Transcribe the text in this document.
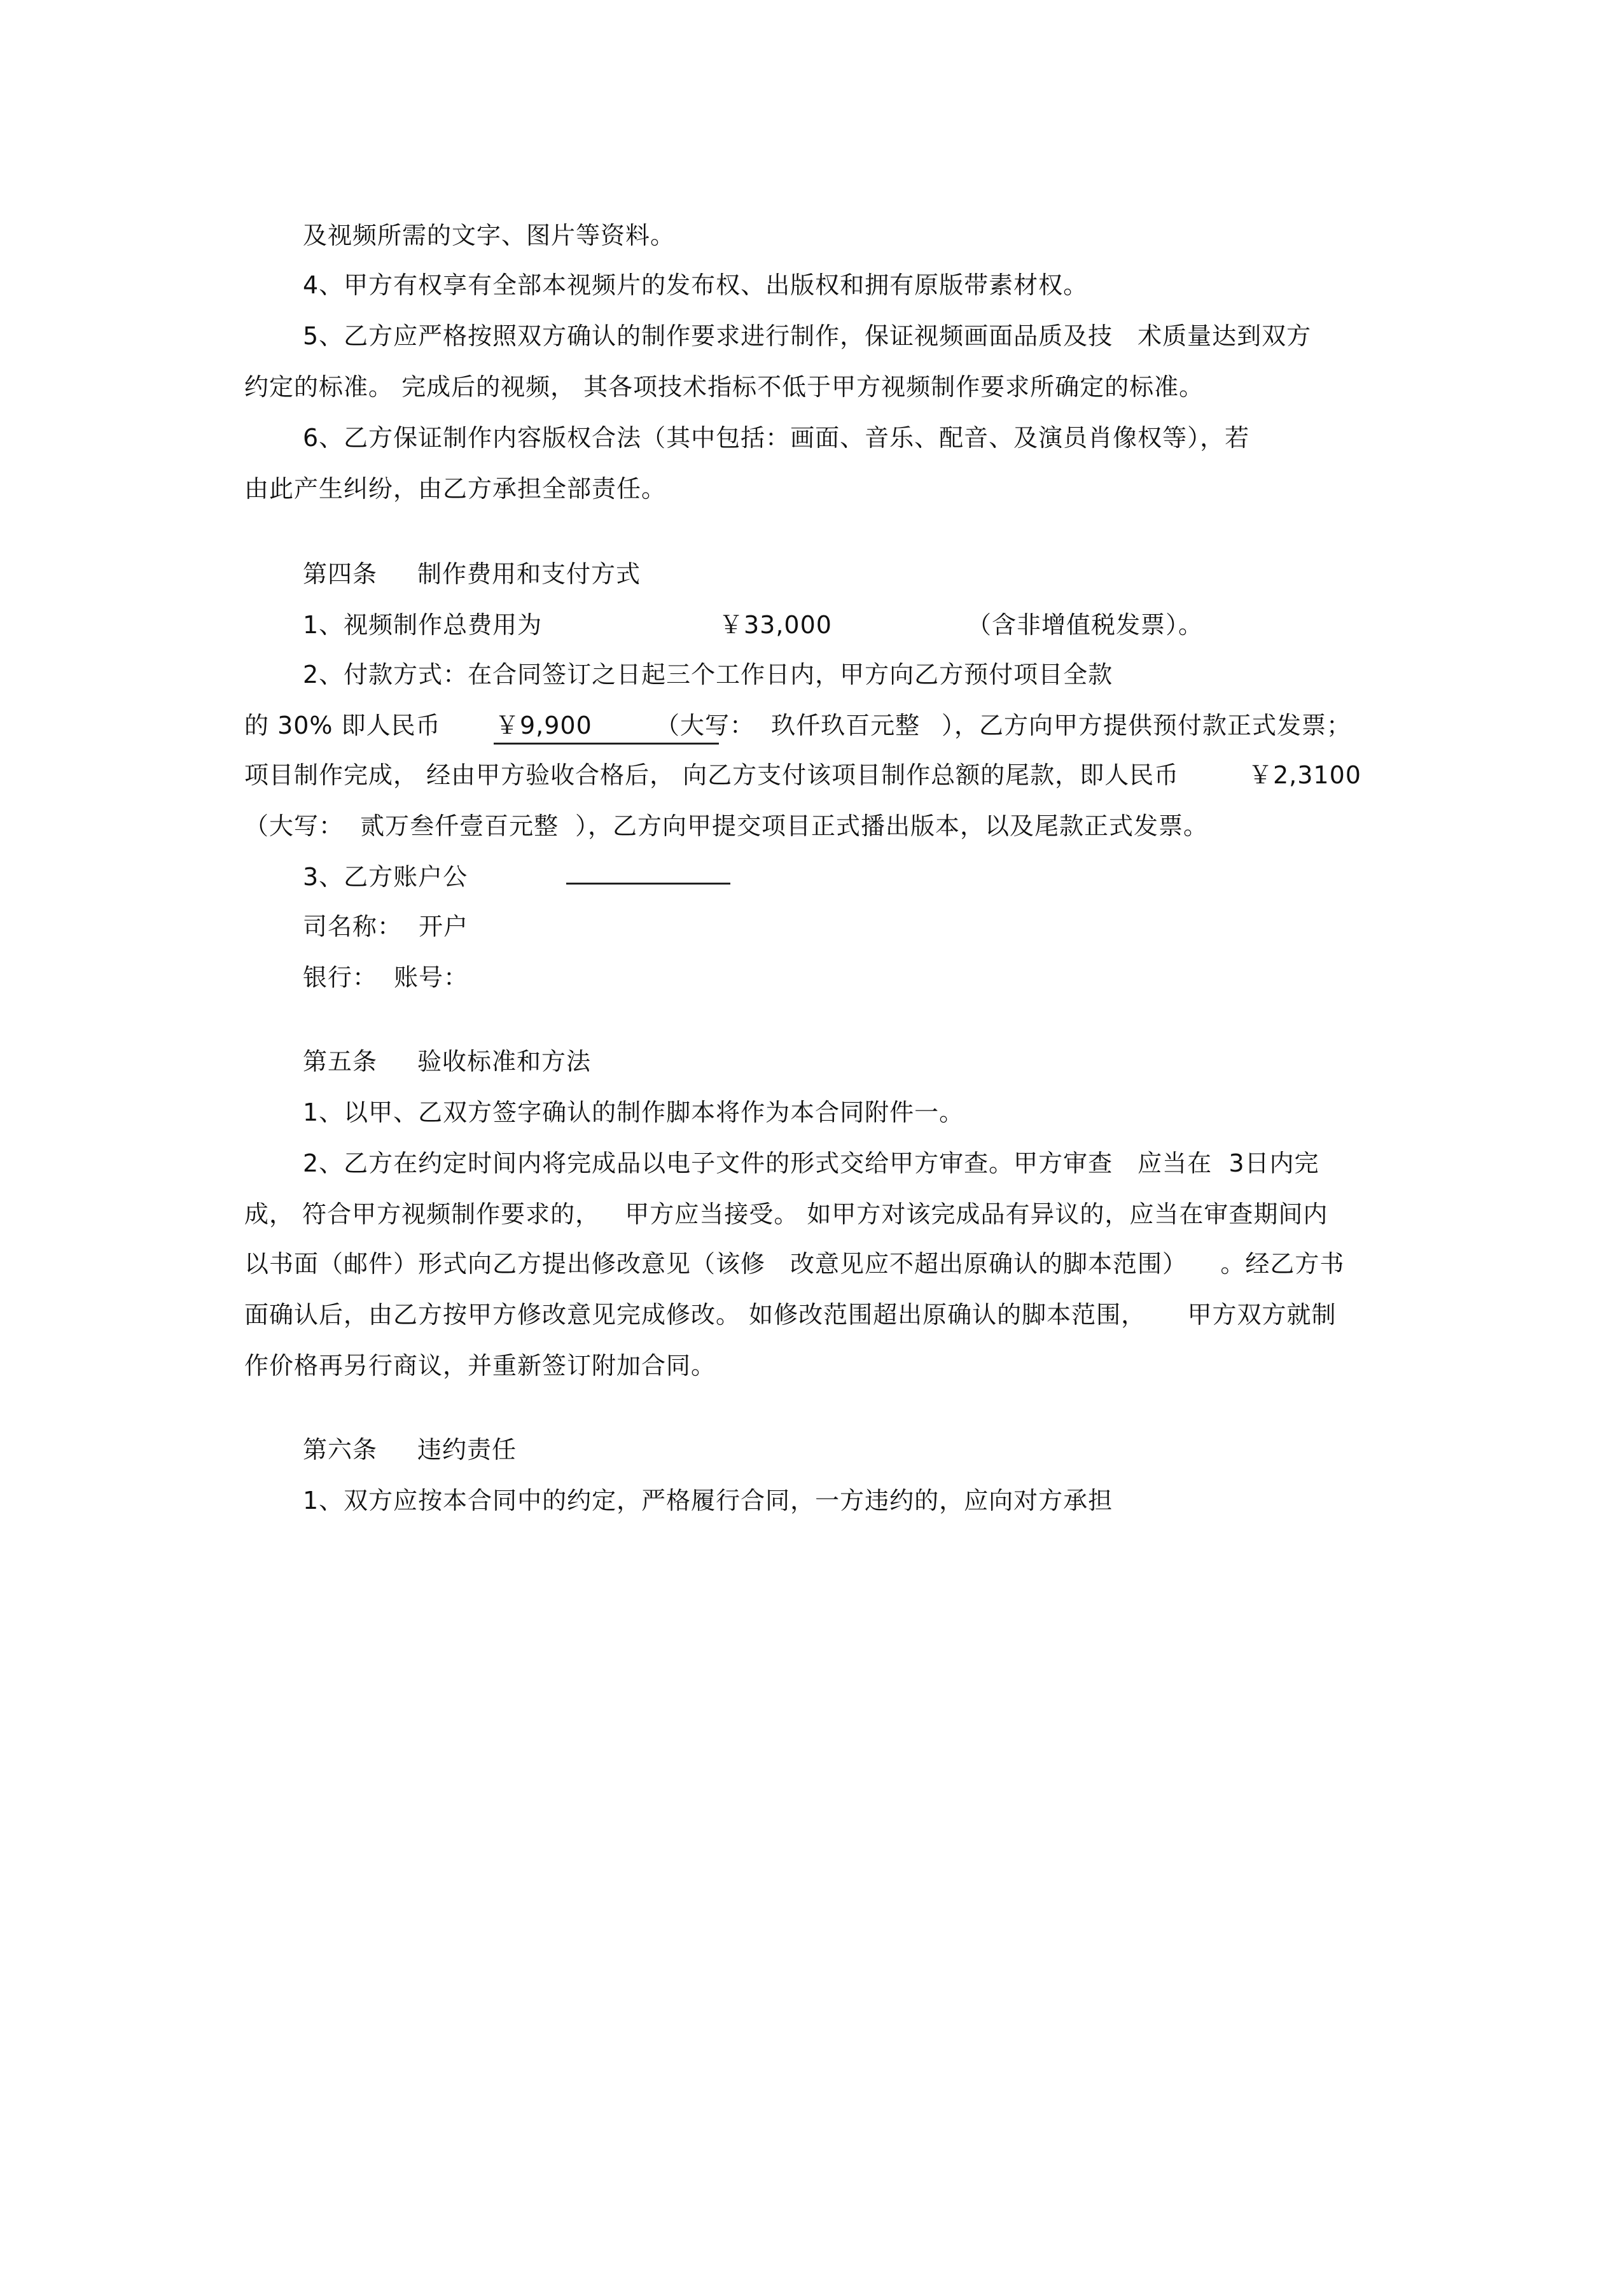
及视频所需的文字、图片等资料。
4、甲方有权享有全部本视频片的发布权、出版权和拥有原版带素材权。
5、乙方应严格按照双方确认的制作要求进行制作，保证视频画面品质及技　术质量达到双方
约定的标准。 完成后的视频， 其各项技术指标不低于甲方视频制作要求所确定的标准。
6、乙方保证制作内容版权合法（其中包括：画面、音乐、配音、及演员肖像权等），若
由此产生纠纷，由乙方承担全部责任。
第四条 制作费用和支付方式
1、视频制作总费用为	￥33,000	（含非增值税发票）。
2、付款方式：在合同签订之日起三个工作日内，甲方向乙方预付项目全款
的 30% 即人民币 ￥9,900	（大写：  玖仟玖百元整 ），乙方向甲方提供预付款正式发票；
项目制作完成， 经由甲方验收合格后， 向乙方支付该项目制作总额的尾款，即人民币	￥2,3100
（大写：  贰万叁仟壹百元整 ），乙方向甲提交项目正式播出版本，以及尾款正式发票。
3、乙方账户公
司名称：  开户
银行：  账号：
第五条 验收标准和方法
1、以甲、乙双方签字确认的制作脚本将作为本合同附件一。
2、乙方在约定时间内将完成品以电子文件的形式交给甲方审查。甲方审查　应当在  3日内完
成， 符合甲方视频制作要求的，   甲方应当接受。 如甲方对该完成品有异议的，应当在审查期间内
以书面（邮件）形式向乙方提出修改意见（该修　改意见应不超出原确认的脚本范围）    。经乙方书
面确认后，由乙方按甲方修改意见完成修改。 如修改范围超出原确认的脚本范围，     甲方双方就制
作价格再另行商议，并重新签订附加合同。
第六条 违约责任
1、双方应按本合同中的约定，严格履行合同，一方违约的，应向对方承担
